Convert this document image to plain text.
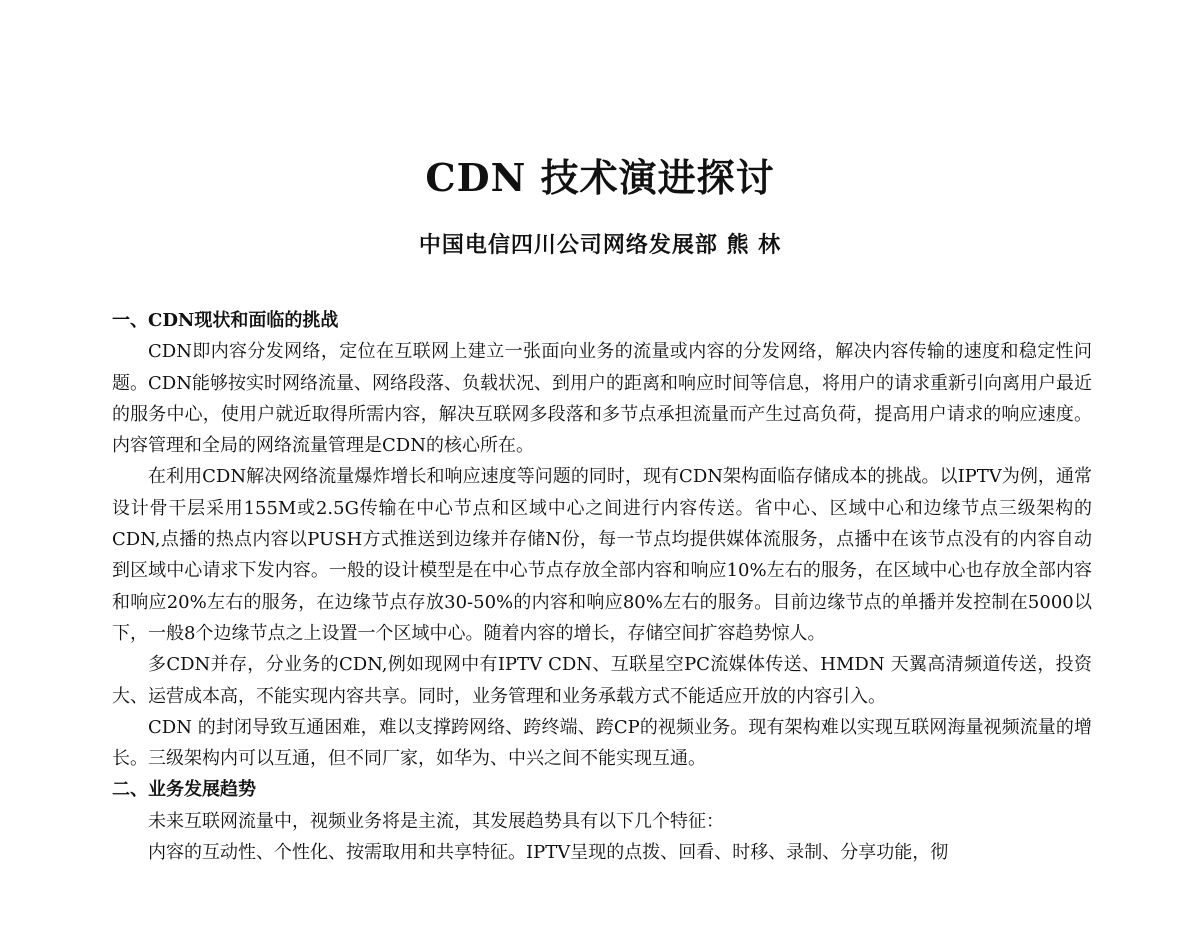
CDN 技术演进探讨
中国电信四川公司网络发展部 熊 林

一、CDN现状和面临的挑战

CDN即内容分发网络，定位在互联网上建立一张面向业务的流量或内容的分发网络，解决内容传输的速度和稳定性问题。CDN能够按实时网络流量、网络段落、负载状况、到用户的距离和响应时间等信息，将用户的请求重新引向离用户最近的服务中心，使用户就近取得所需内容，解决互联网多段落和多节点承担流量而产生过高负荷，提高用户请求的响应速度。内容管理和全局的网络流量管理是CDN的核心所在。

在利用CDN解决网络流量爆炸增长和响应速度等问题的同时，现有CDN架构面临存储成本的挑战。以IPTV为例，通常设计骨干层采用155M或2.5G传输在中心节点和区域中心之间进行内容传送。省中心、区域中心和边缘节点三级架构的CDN,点播的热点内容以PUSH方式推送到边缘并存储N份，每一节点均提供媒体流服务，点播中在该节点没有的内容自动到区域中心请求下发内容。一般的设计模型是在中心节点存放全部内容和响应10%左右的服务，在区域中心也存放全部内容和响应20%左右的服务，在边缘节点存放30-50%的内容和响应80%左右的服务。目前边缘节点的单播并发控制在5000以下，一般8个边缘节点之上设置一个区域中心。随着内容的增长，存储空间扩容趋势惊人。

多CDN并存，分业务的CDN,例如现网中有IPTV CDN、互联星空PC流媒体传送、HMDN 天翼高清频道传送，投资大、运营成本高，不能实现内容共享。同时，业务管理和业务承载方式不能适应开放的内容引入。

CDN 的封闭导致互通困难，难以支撑跨网络、跨终端、跨CP的视频业务。现有架构难以实现互联网海量视频流量的增长。三级架构内可以互通，但不同厂家，如华为、中兴之间不能实现互通。

二、业务发展趋势

未来互联网流量中，视频业务将是主流，其发展趋势具有以下几个特征：

内容的互动性、个性化、按需取用和共享特征。IPTV呈现的点拨、回看、时移、录制、分享功能，彻
